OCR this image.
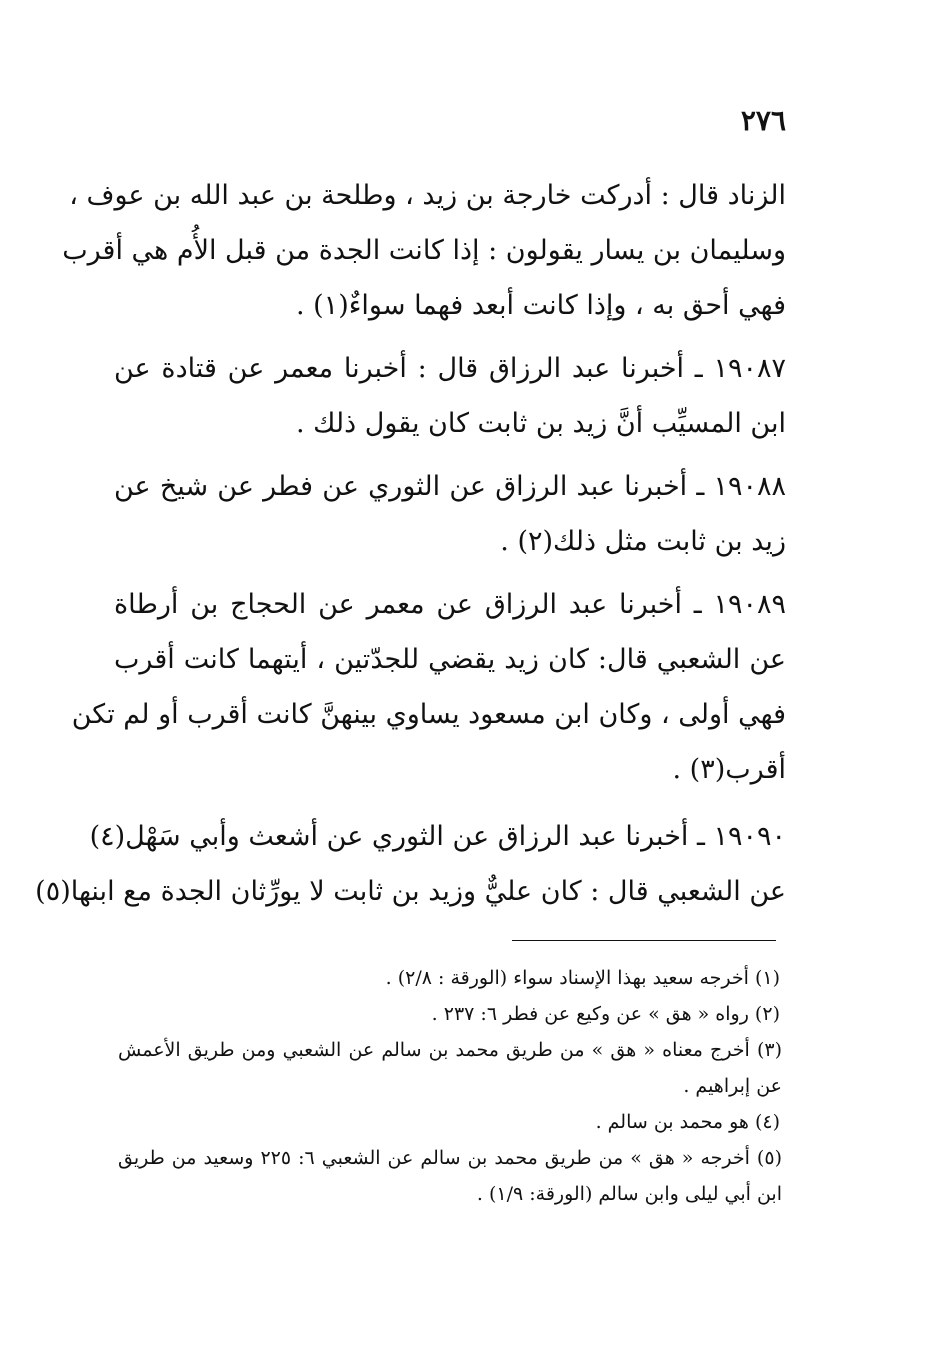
٢٧٦
الزناد قال : أدركت خارجة بن زيد ، وطلحة بن عبد الله بن عوف ،
وسليمان بن يسار يقولون : إذا كانت الجدة من قبل الأُم هي أقرب
فهي أحق به ، وإذا كانت أبعد فهما سواءٌ(١) .
١٩٠٨٧ ـ أخبرنا عبد الرزاق قال : أخبرنا معمر عن قتادة عن
ابن المسيِّب أنَّ زيد بن ثابت كان يقول ذلك .
١٩٠٨٨ ـ أخبرنا عبد الرزاق عن الثوري عن فطر عن شيخ عن
زيد بن ثابت مثل ذلك(٢) .
١٩٠٨٩ ـ أخبرنا عبد الرزاق عن معمر عن الحجاج بن أرطاة
عن الشعبي قال: كان زيد يقضي للجدّتين ، أيتهما كانت أقرب
فهي أولى ، وكان ابن مسعود يساوي بينهنَّ كانت أقرب أو لم تكن
أقرب(٣) .
١٩٠٩٠ ـ أخبرنا عبد الرزاق عن الثوري عن أشعث وأبي سَهْل(٤)
عن الشعبي قال : كان عليٌّ وزيد بن ثابت لا يورِّثان الجدة مع ابنها(٥)
(١) أخرجه سعيد بهذا الإسناد سواء (الورقة : ٢/٨) .
(٢) رواه « هق » عن وكيع عن فطر ٦: ٢٣٧ .
(٣) أخرج معناه « هق » من طريق محمد بن سالم عن الشعبي ومن طريق الأعمش
عن إبراهيم .
(٤) هو محمد بن سالم .
(٥) أخرجه « هق » من طريق محمد بن سالم عن الشعبي ٦: ٢٢٥ وسعيد من طريق
ابن أبي ليلى وابن سالم (الورقة: ١/٩) .
